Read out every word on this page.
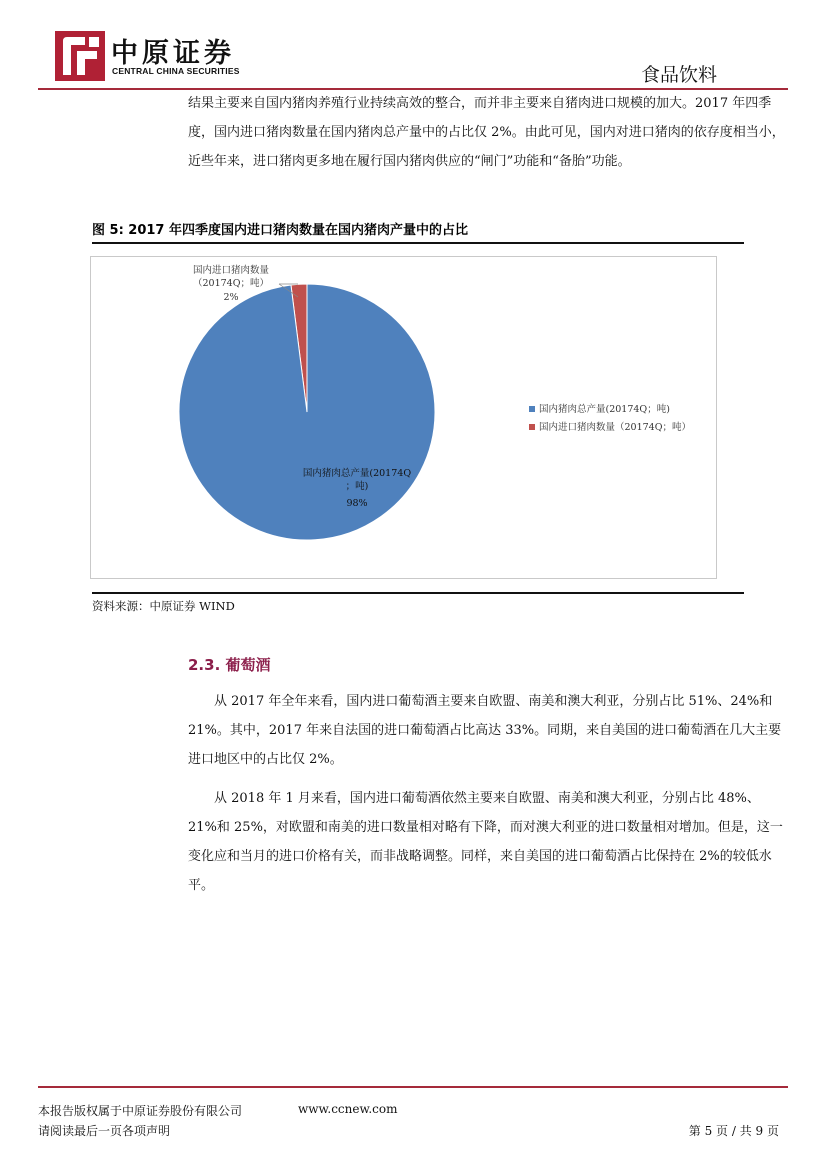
中原证券
CENTRAL CHINA SECURITIES	食品饮料

结果主要来自国内猪肉养殖行业持续高效的整合，而并非主要来自猪肉进口规模的加大。2017 年四季度，国内进口猪肉数量在国内猪肉总产量中的占比仅 2%。由此可见，国内对进口猪肉的依存度相当小，近些年来，进口猪肉更多地在履行国内猪肉供应的“闸门”功能和“备胎”功能。

图 5: 2017 年四季度国内进口猪肉数量在国内猪肉产量中的占比
国内进口猪肉数量
（20174Q；吨）
2%
国内猪肉总产量(20174Q
；吨)
98%
国内猪肉总产量(20174Q；吨)
国内进口猪肉数量（20174Q；吨）
资料来源：中原证券 WIND
2.3. 葡萄酒

从 2017 年全年来看，国内进口葡萄酒主要来自欧盟、南美和澳大利亚，分别占比 51%、24%和 21%。其中，2017 年来自法国的进口葡萄酒占比高达 33%。同期，来自美国的进口葡萄酒在几大主要进口地区中的占比仅 2%。

从 2018 年 1 月来看，国内进口葡萄酒依然主要来自欧盟、南美和澳大利亚，分别占比 48%、21%和 25%，对欧盟和南美的进口数量相对略有下降，而对澳大利亚的进口数量相对增加。但是，这一变化应和当月的进口价格有关，而非战略调整。同样，来自美国的进口葡萄酒占比保持在 2%的较低水平。

本报告版权属于中原证券股份有限公司	www.ccnew.com
请阅读最后一页各项声明	第 5 页 / 共 9 页
